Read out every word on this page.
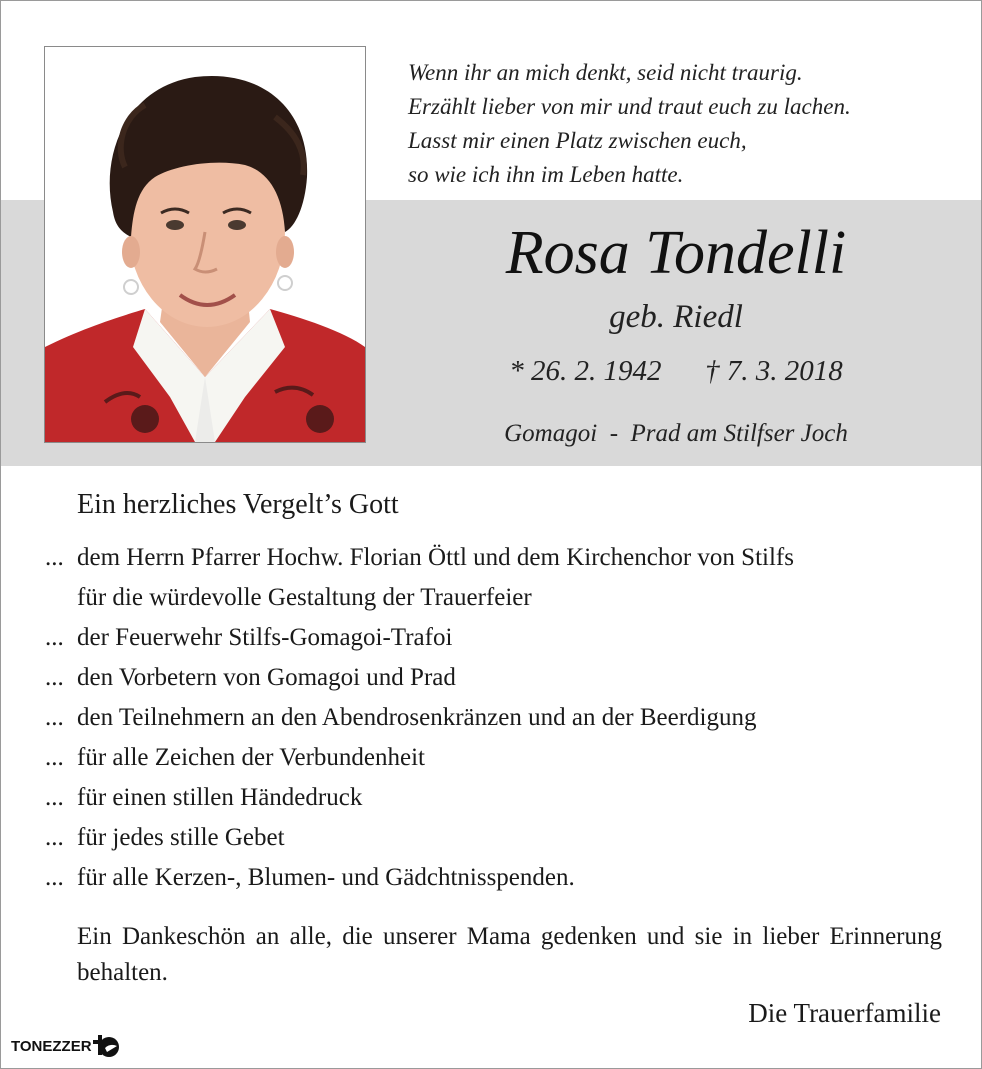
Wenn ihr an mich denkt, seid nicht traurig.
Erzählt lieber von mir und traut euch zu lachen.
Lasst mir einen Platz zwischen euch,
so wie ich ihn im Leben hatte.
Rosa Tondelli
geb. Riedl
* 26. 2. 1942 † 7. 3. 2018
Gomagoi - Prad am Stilfser Joch
Ein herzliches Vergelt’s Gott
... dem Herrn Pfarrer Hochw. Florian Öttl und dem Kirchenchor von Stilfs
für die würdevolle Gestaltung der Trauerfeier
... der Feuerwehr Stilfs-Gomagoi-Trafoi
... den Vorbetern von Gomagoi und Prad
... den Teilnehmern an den Abendrosenkränzen und an der Beerdigung
... für alle Zeichen der Verbundenheit
... für einen stillen Händedruck
... für jedes stille Gebet
... für alle Kerzen-, Blumen- und Gädchtnisspenden.
Ein Dankeschön an alle, die unserer Mama gedenken und sie in lieber Erinnerung behalten.
Die Trauerfamilie
TONEZZER
